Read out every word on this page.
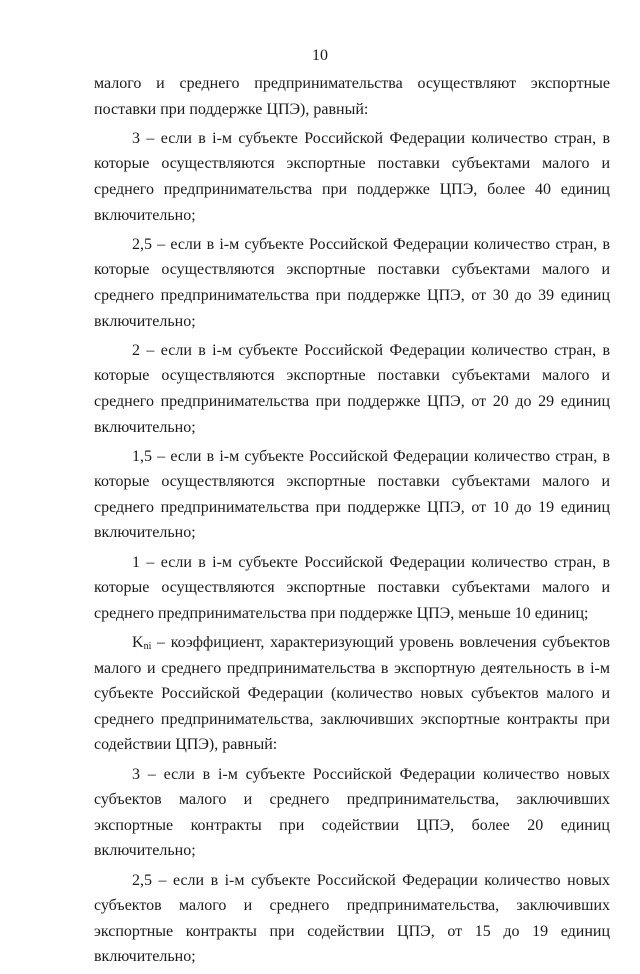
10

малого и среднего предпринимательства осуществляют экспортные поставки при поддержке ЦПЭ), равный:

3 – если в i-м субъекте Российской Федерации количество стран, в которые осуществляются экспортные поставки субъектами малого и среднего предпринимательства при поддержке ЦПЭ, более 40 единиц включительно;

2,5 – если в i-м субъекте Российской Федерации количество стран, в которые осуществляются экспортные поставки субъектами малого и среднего предпринимательства при поддержке ЦПЭ, от 30 до 39 единиц включительно;

2 – если в i-м субъекте Российской Федерации количество стран, в которые осуществляются экспортные поставки субъектами малого и среднего предпринимательства при поддержке ЦПЭ, от 20 до 29 единиц включительно;

1,5 – если в i-м субъекте Российской Федерации количество стран, в которые осуществляются экспортные поставки субъектами малого и среднего предпринимательства при поддержке ЦПЭ, от 10 до 19 единиц включительно;

1 – если в i-м субъекте Российской Федерации количество стран, в которые осуществляются экспортные поставки субъектами малого и среднего предпринимательства при поддержке ЦПЭ, меньше 10 единиц;

$K_{ni}$ – коэффициент, характеризующий уровень вовлечения субъектов малого и среднего предпринимательства в экспортную деятельность в i-м субъекте Российской Федерации (количество новых субъектов малого и среднего предпринимательства, заключивших экспортные контракты при содействии ЦПЭ), равный:

3 – если в i-м субъекте Российской Федерации количество новых субъектов малого и среднего предпринимательства, заключивших экспортные контракты при содействии ЦПЭ, более 20 единиц включительно;

2,5 – если в i-м субъекте Российской Федерации количество новых субъектов малого и среднего предпринимательства, заключивших экспортные контракты при содействии ЦПЭ, от 15 до 19 единиц включительно;
